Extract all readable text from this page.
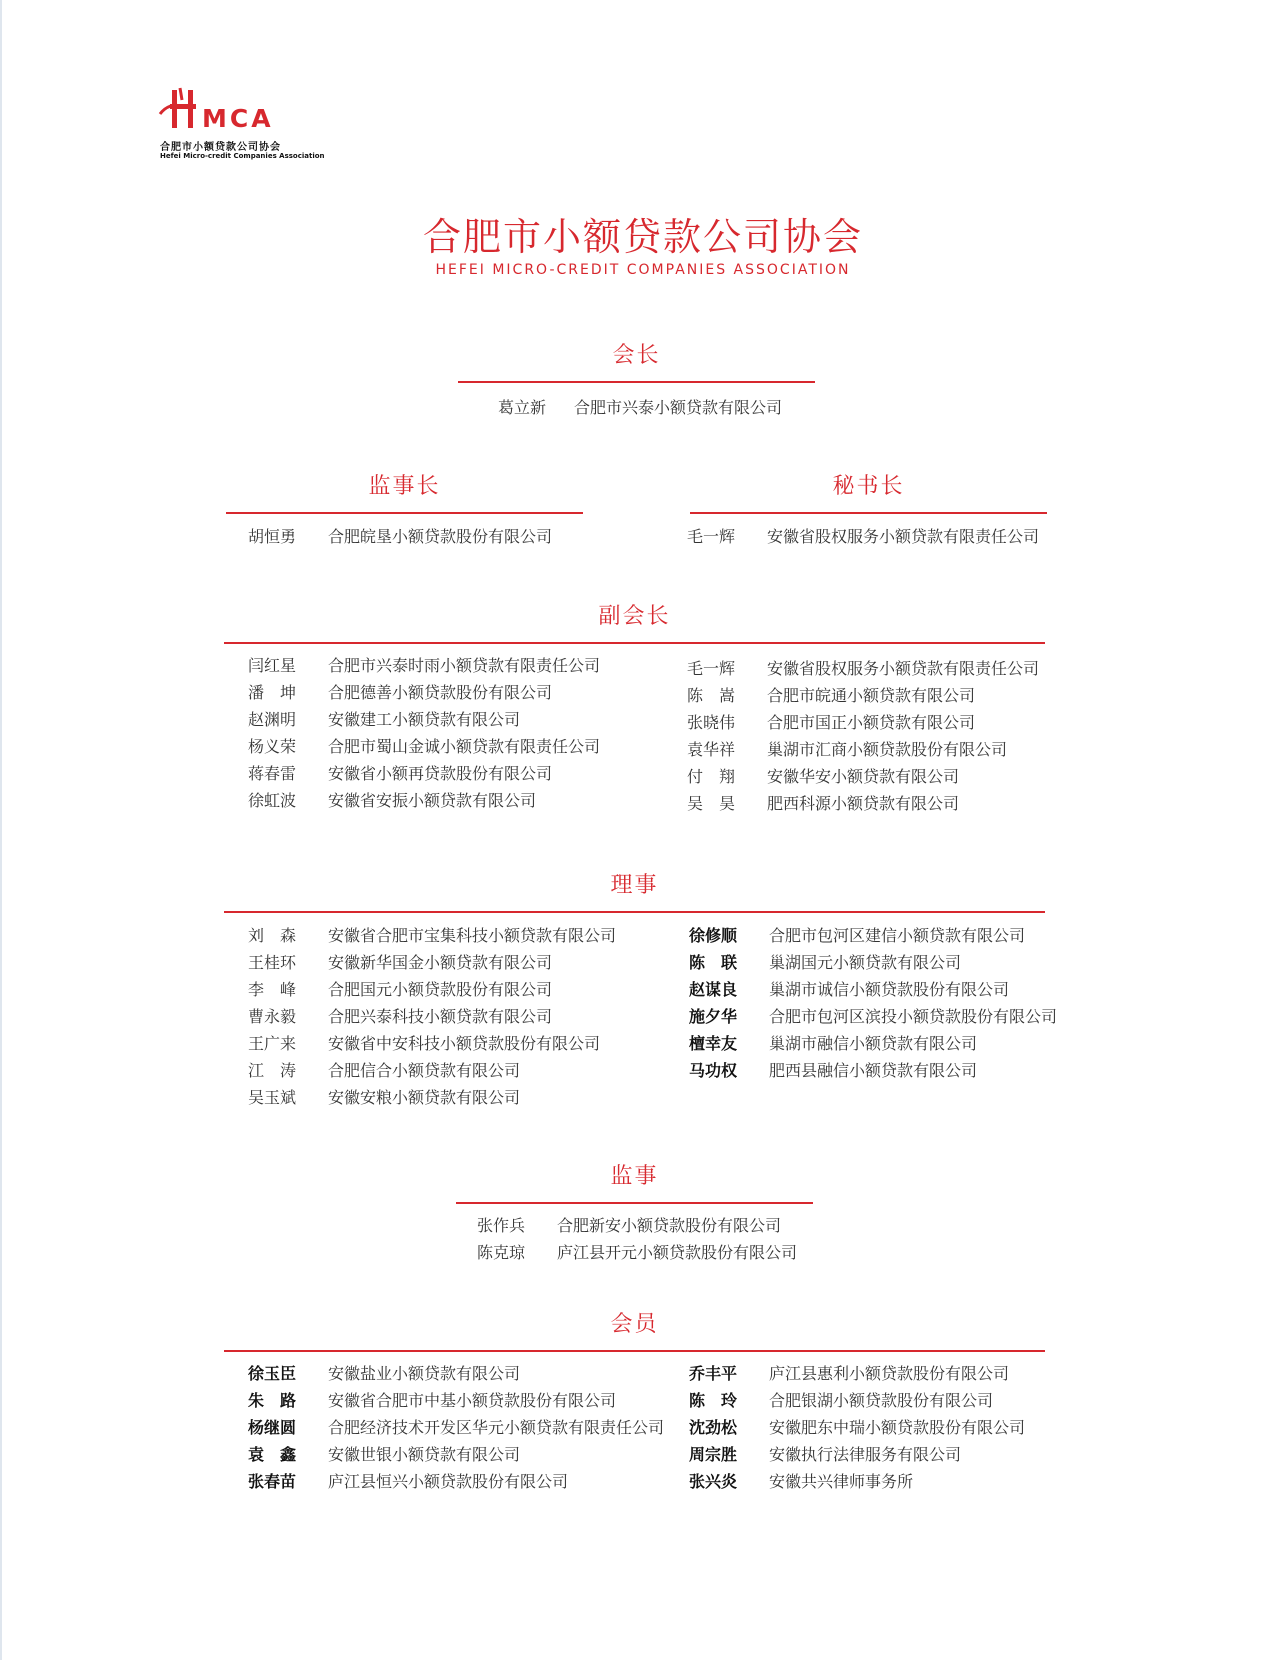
MCA
合肥市小额贷款公司协会
Hefei Micro-credit Companies Association
合肥市小额贷款公司协会
HEFEI MICRO-CREDIT COMPANIES ASSOCIATION
会长
葛立新 合肥市兴泰小额贷款有限公司
监事长
胡恒勇 合肥皖垦小额贷款股份有限公司
秘书长
毛一辉 安徽省股权服务小额贷款有限责任公司
副会长
闫红星 合肥市兴泰时雨小额贷款有限责任公司
潘　坤 合肥德善小额贷款股份有限公司
赵渊明 安徽建工小额贷款有限公司
杨义荣 合肥市蜀山金诚小额贷款有限责任公司
蒋春雷 安徽省小额再贷款股份有限公司
徐虹波 安徽省安振小额贷款有限公司
毛一辉 安徽省股权服务小额贷款有限责任公司
陈　嵩 合肥市皖通小额贷款有限公司
张晓伟 合肥市国正小额贷款有限公司
袁华祥 巢湖市汇商小额贷款股份有限公司
付　翔 安徽华安小额贷款有限公司
吴　昊 肥西科源小额贷款有限公司
理事
刘　森 安徽省合肥市宝集科技小额贷款有限公司
王桂环 安徽新华国金小额贷款有限公司
李　峰 合肥国元小额贷款股份有限公司
曹永毅 合肥兴泰科技小额贷款有限公司
王广来 安徽省中安科技小额贷款股份有限公司
江　涛 合肥信合小额贷款有限公司
吴玉斌 安徽安粮小额贷款有限公司
徐修顺 合肥市包河区建信小额贷款有限公司
陈　联 巢湖国元小额贷款有限公司
赵谋良 巢湖市诚信小额贷款股份有限公司
施夕华 合肥市包河区滨投小额贷款股份有限公司
檀幸友 巢湖市融信小额贷款有限公司
马功权 肥西县融信小额贷款有限公司
监事
张作兵 合肥新安小额贷款股份有限公司
陈克琼 庐江县开元小额贷款股份有限公司
会员
徐玉臣 安徽盐业小额贷款有限公司
朱　路 安徽省合肥市中基小额贷款股份有限公司
杨继圆 合肥经济技术开发区华元小额贷款有限责任公司
袁　鑫 安徽世银小额贷款有限公司
张春苗 庐江县恒兴小额贷款股份有限公司
乔丰平 庐江县惠利小额贷款股份有限公司
陈　玲 合肥银湖小额贷款股份有限公司
沈劲松 安徽肥东中瑞小额贷款股份有限公司
周宗胜 安徽执行法律服务有限公司
张兴炎 安徽共兴律师事务所
